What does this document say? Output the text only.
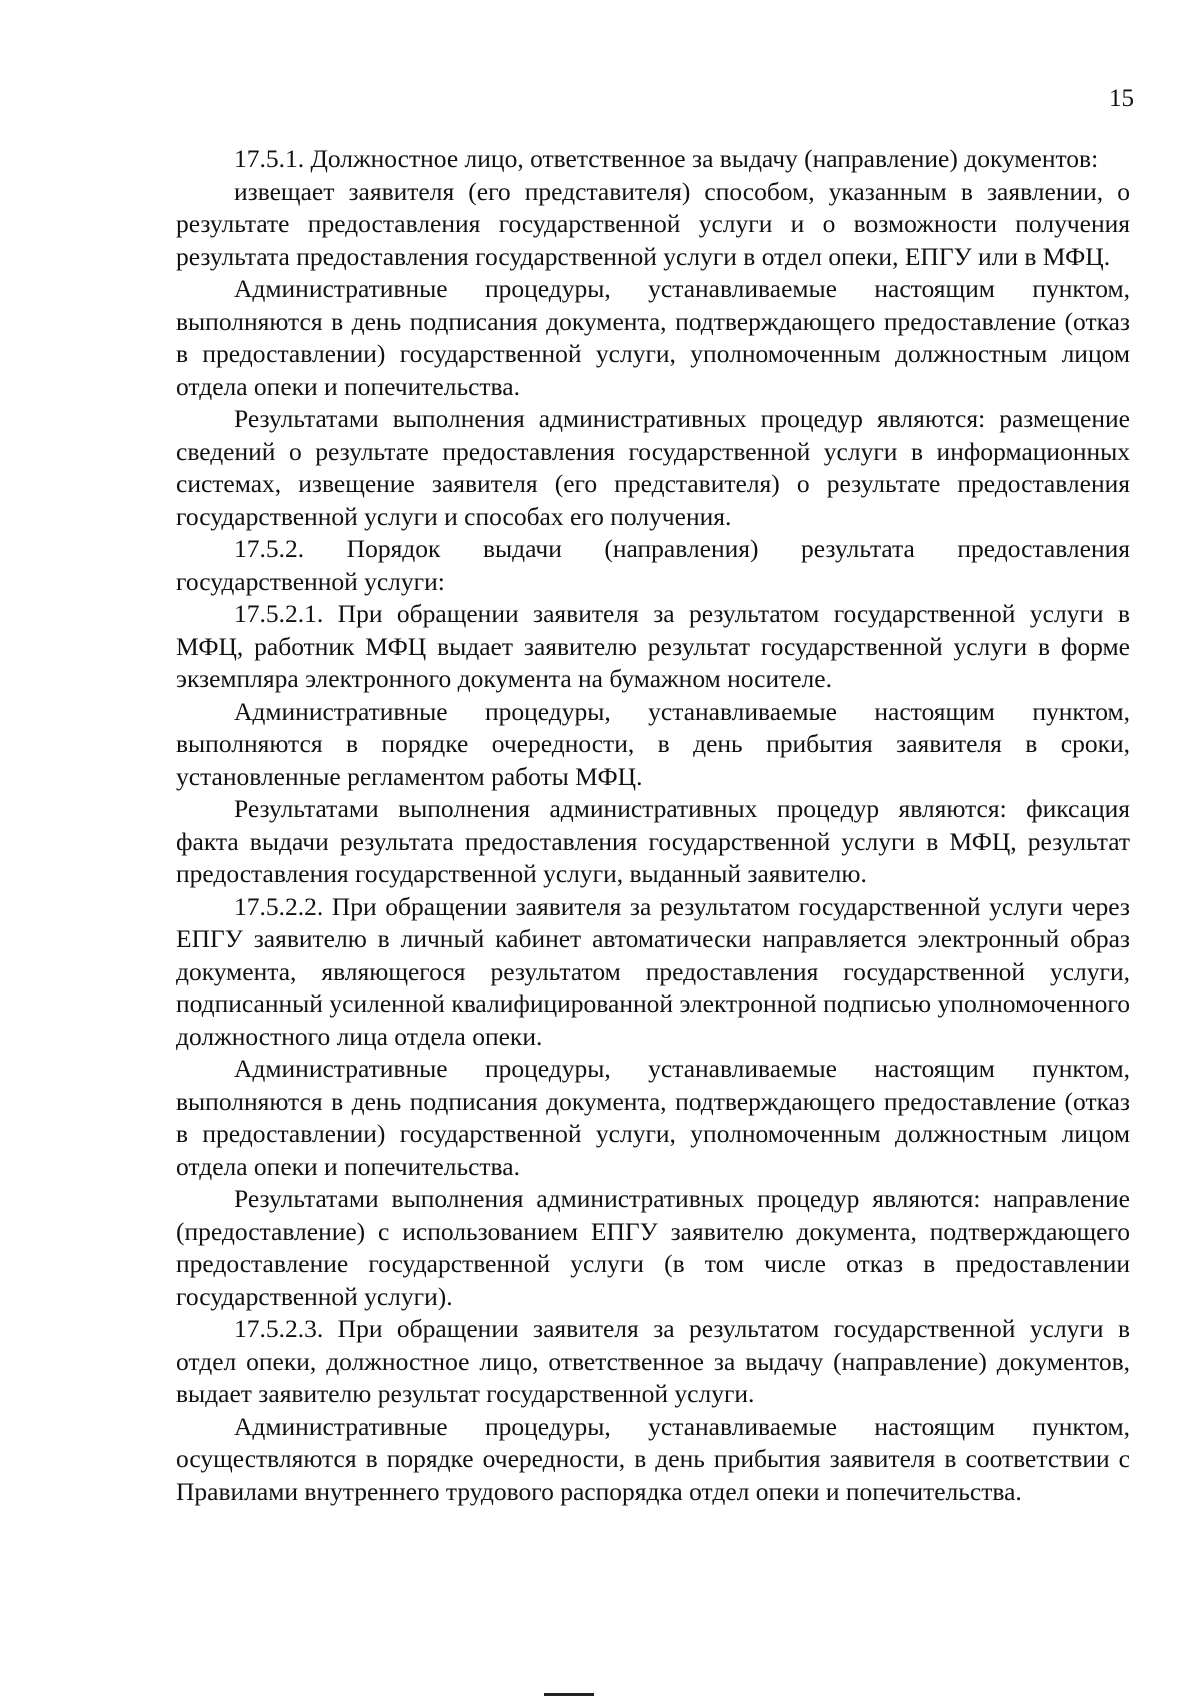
15

17.5.1. Должностное лицо, ответственное за выдачу (направление) документов:

извещает заявителя (его представителя) способом, указанным в заявлении, о результате предоставления государственной услуги и о возможности получения результата предоставления государственной услуги в отдел опеки, ЕПГУ или в МФЦ.

Административные процедуры, устанавливаемые настоящим пунктом, выполняются в день подписания документа, подтверждающего предоставление (отказ в предоставлении) государственной услуги, уполномоченным должностным лицом отдела опеки и попечительства.

Результатами выполнения административных процедур являются: размещение сведений о результате предоставления государственной услуги в информационных системах, извещение заявителя (его представителя) о результате предоставления государственной услуги и способах его получения.

17.5.2. Порядок выдачи (направления) результата предоставления государственной услуги:

17.5.2.1. При обращении заявителя за результатом государственной услуги в МФЦ, работник МФЦ выдает заявителю результат государственной услуги в форме экземпляра электронного документа на бумажном носителе.

Административные процедуры, устанавливаемые настоящим пунктом, выполняются в порядке очередности, в день прибытия заявителя в сроки, установленные регламентом работы МФЦ.

Результатами выполнения административных процедур являются: фиксация факта выдачи результата предоставления государственной услуги в МФЦ, результат предоставления государственной услуги, выданный заявителю.

17.5.2.2. При обращении заявителя за результатом государственной услуги через ЕПГУ заявителю в личный кабинет автоматически направляется электронный образ документа, являющегося результатом предоставления государственной услуги, подписанный усиленной квалифицированной электронной подписью уполномоченного должностного лица отдела опеки.

Административные процедуры, устанавливаемые настоящим пунктом, выполняются в день подписания документа, подтверждающего предоставление (отказ в предоставлении) государственной услуги, уполномоченным должностным лицом отдела опеки и попечительства.

Результатами выполнения административных процедур являются: направление (предоставление) с использованием ЕПГУ заявителю документа, подтверждающего предоставление государственной услуги (в том числе отказ в предоставлении государственной услуги).

17.5.2.3. При обращении заявителя за результатом государственной услуги в отдел опеки, должностное лицо, ответственное за выдачу (направление) документов, выдает заявителю результат государственной услуги.

Административные процедуры, устанавливаемые настоящим пунктом, осуществляются в порядке очередности, в день прибытия заявителя в соответствии с Правилами внутреннего трудового распорядка отдел опеки и попечительства.
